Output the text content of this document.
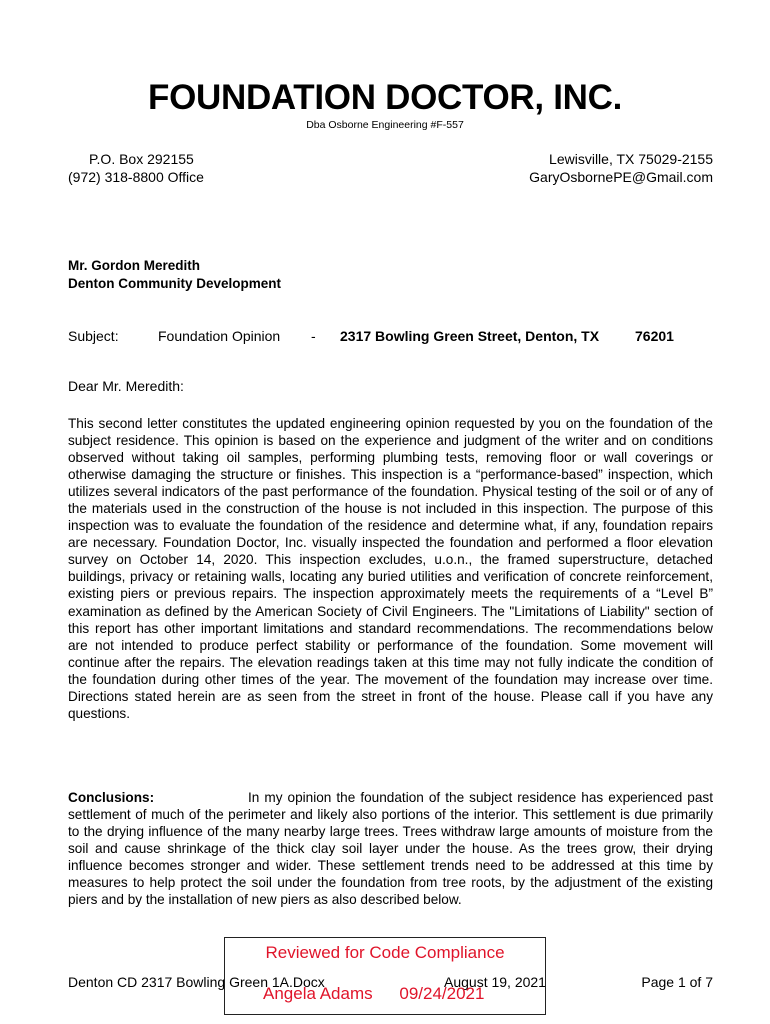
FOUNDATION DOCTOR, INC.
Dba Osborne Engineering #F-557
P.O. Box 292155
(972) 318-8800 Office
Lewisville, TX 75029-2155
GaryOsbornePE@Gmail.com
Mr. Gordon Meredith
Denton Community Development
Subject:	Foundation Opinion - 2317 Bowling Green Street, Denton, TX	76201
Dear Mr. Meredith:
This second letter constitutes the updated engineering opinion requested by you on the foundation of the subject residence. This opinion is based on the experience and judgment of the writer and on conditions observed without taking oil samples, performing plumbing tests, removing floor or wall coverings or otherwise damaging the structure or finishes. This inspection is a “performance-based” inspection, which utilizes several indicators of the past performance of the foundation. Physical testing of the soil or of any of the materials used in the construction of the house is not included in this inspection. The purpose of this inspection was to evaluate the foundation of the residence and determine what, if any, foundation repairs are necessary. Foundation Doctor, Inc. visually inspected the foundation and performed a floor elevation survey on October 14, 2020. This inspection excludes, u.o.n., the framed superstructure, detached buildings, privacy or retaining walls, locating any buried utilities and verification of concrete reinforcement, existing piers or previous repairs. The inspection approximately meets the requirements of a “Level B” examination as defined by the American Society of Civil Engineers. The "Limitations of Liability" section of this report has other important limitations and standard recommendations. The recommendations below are not intended to produce perfect stability or performance of the foundation. Some movement will continue after the repairs. The elevation readings taken at this time may not fully indicate the condition of the foundation during other times of the year. The movement of the foundation may increase over time. Directions stated herein are as seen from the street in front of the house. Please call if you have any questions.
Conclusions:	In my opinion the foundation of the subject residence has experienced past settlement of much of the perimeter and likely also portions of the interior. This settlement is due primarily to the drying influence of the many nearby large trees. Trees withdraw large amounts of moisture from the soil and cause shrinkage of the thick clay soil layer under the house. As the trees grow, their drying influence becomes stronger and wider. These settlement trends need to be addressed at this time by measures to help protect the soil under the foundation from tree roots, by the adjustment of the existing piers and by the installation of new piers as also described below.
Denton CD 2317 Bowling Green 1A.Docx	August 19, 2021	Page 1 of 7
Reviewed for Code Compliance
Angela Adams 09/24/2021
